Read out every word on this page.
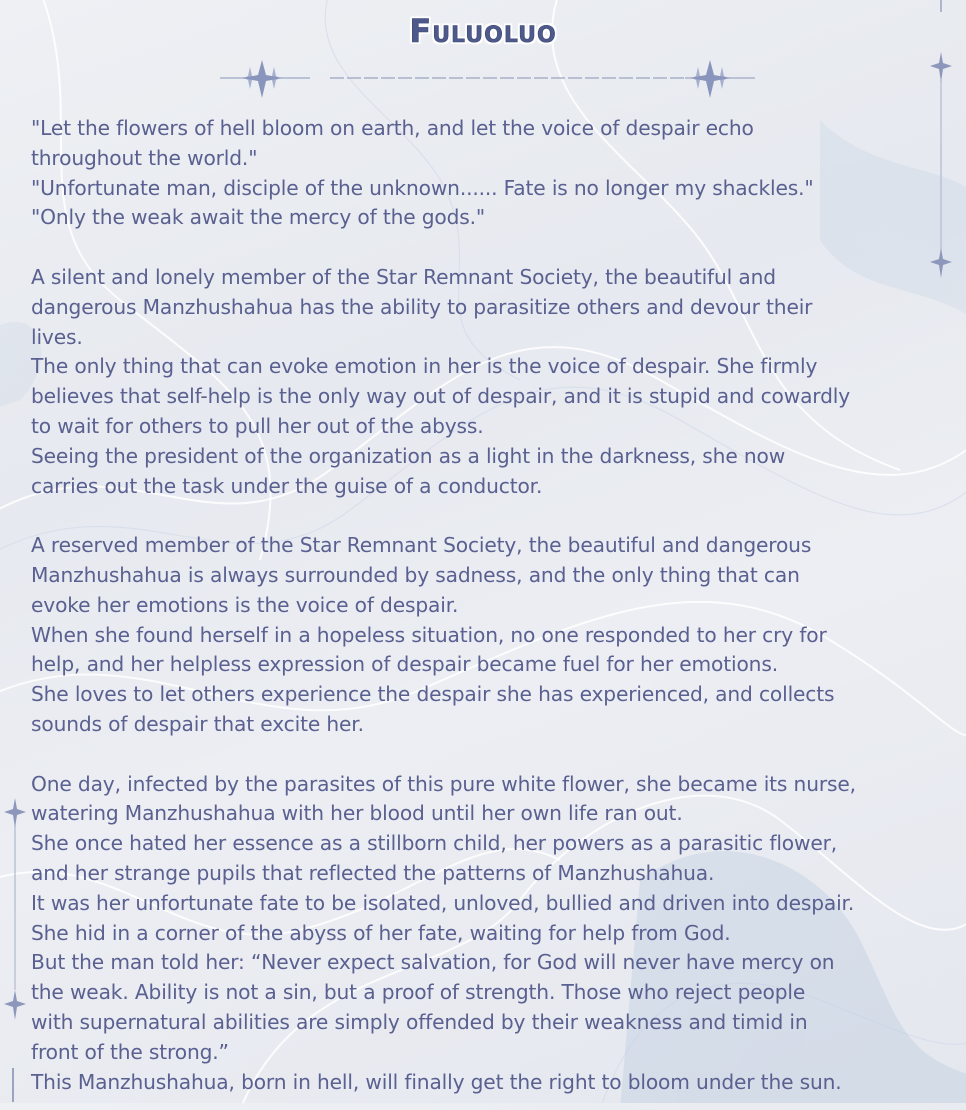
Fuluoluo

"Let the flowers of hell bloom on earth, and let the voice of despair echo

throughout the world."

"Unfortunate man, disciple of the unknown...... Fate is no longer my shackles."

"Only the weak await the mercy of the gods."

A silent and lonely member of the Star Remnant Society, the beautiful and

dangerous Manzhushahua has the ability to parasitize others and devour their

lives.

The only thing that can evoke emotion in her is the voice of despair. She firmly

believes that self-help is the only way out of despair, and it is stupid and cowardly

to wait for others to pull her out of the abyss.

Seeing the president of the organization as a light in the darkness, she now

carries out the task under the guise of a conductor.

A reserved member of the Star Remnant Society, the beautiful and dangerous

Manzhushahua is always surrounded by sadness, and the only thing that can

evoke her emotions is the voice of despair.

When she found herself in a hopeless situation, no one responded to her cry for

help, and her helpless expression of despair became fuel for her emotions.

She loves to let others experience the despair she has experienced, and collects

sounds of despair that excite her.

One day, infected by the parasites of this pure white flower, she became its nurse,

watering Manzhushahua with her blood until her own life ran out.

She once hated her essence as a stillborn child, her powers as a parasitic flower,

and her strange pupils that reflected the patterns of Manzhushahua.

It was her unfortunate fate to be isolated, unloved, bullied and driven into despair.

She hid in a corner of the abyss of her fate, waiting for help from God.

But the man told her: “Never expect salvation, for God will never have mercy on

the weak. Ability is not a sin, but a proof of strength. Those who reject people

with supernatural abilities are simply offended by their weakness and timid in

front of the strong.”

This Manzhushahua, born in hell, will finally get the right to bloom under the sun.
